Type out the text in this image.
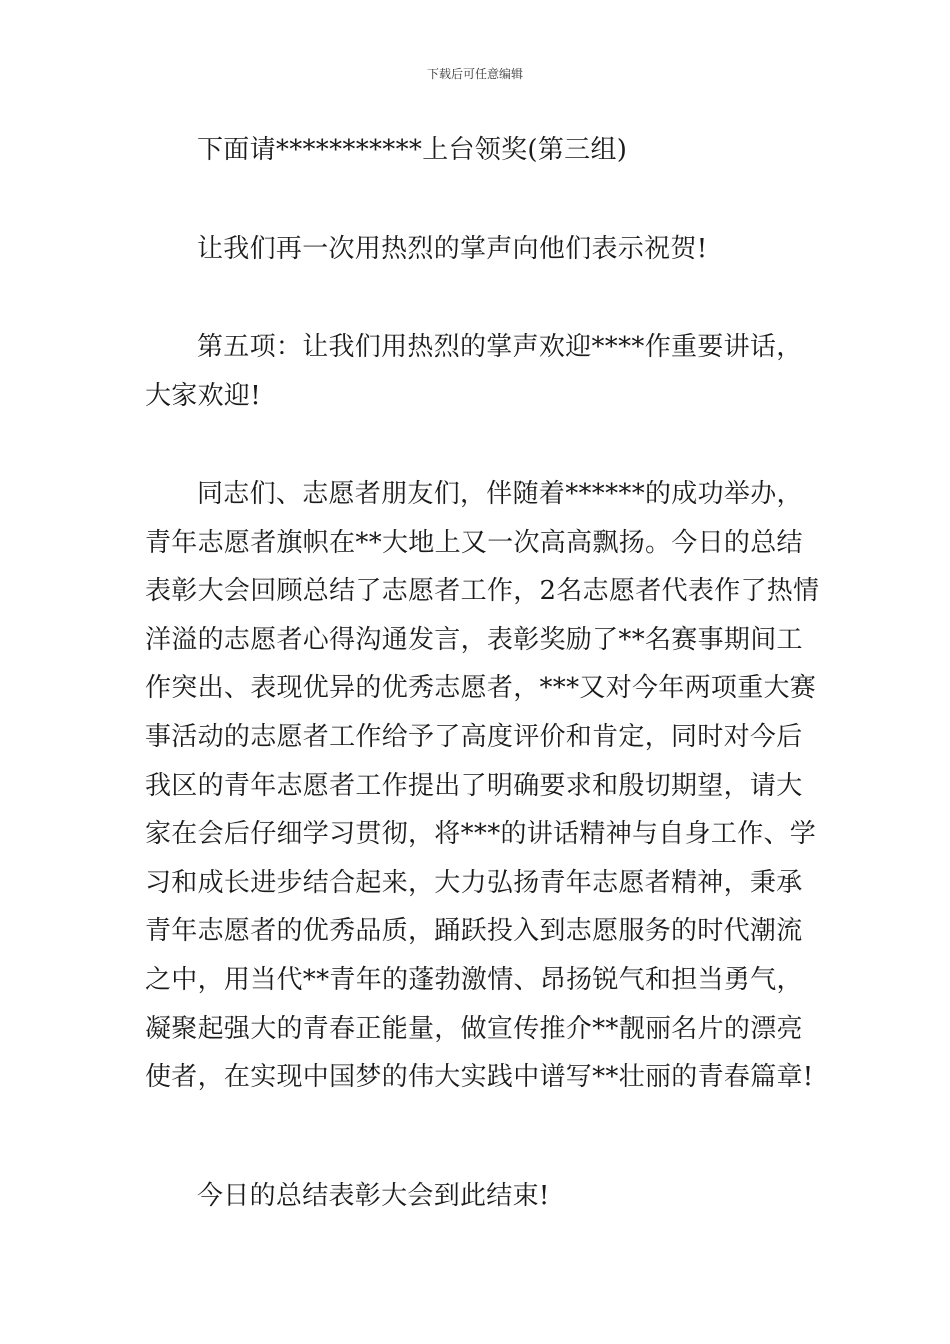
下载后可任意编辑

下面请***********上台领奖(第三组)

让我们再一次用热烈的掌声向他们表示祝贺!

第五项：让我们用热烈的掌声欢迎****作重要讲话，
大家欢迎!

同志们、志愿者朋友们，伴随着******的成功举办，
青年志愿者旗帜在**大地上又一次高高飘扬。今日的总结
表彰大会回顾总结了志愿者工作，2名志愿者代表作了热情
洋溢的志愿者心得沟通发言，表彰奖励了**名赛事期间工
作突出、表现优异的优秀志愿者，***又对今年两项重大赛
事活动的志愿者工作给予了高度评价和肯定，同时对今后
我区的青年志愿者工作提出了明确要求和殷切期望，请大
家在会后仔细学习贯彻，将***的讲话精神与自身工作、学
习和成长进步结合起来，大力弘扬青年志愿者精神，秉承
青年志愿者的优秀品质，踊跃投入到志愿服务的时代潮流
之中，用当代**青年的蓬勃激情、昂扬锐气和担当勇气，
凝聚起强大的青春正能量，做宣传推介**靓丽名片的漂亮
使者，在实现中国梦的伟大实践中谱写**壮丽的青春篇章!

今日的总结表彰大会到此结束!
